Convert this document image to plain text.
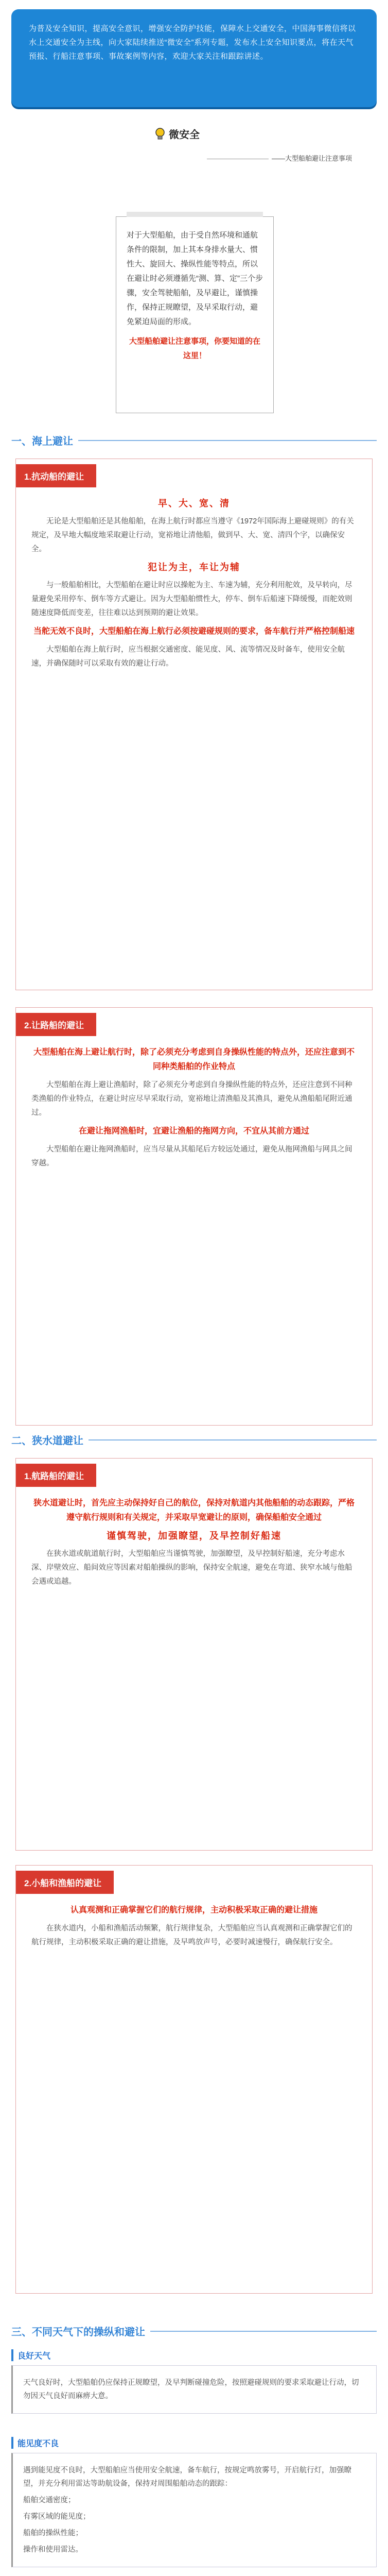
为普及安全知识，提高安全意识，增强安全防护技能，保障水上交通安全，中国海事微信将以水上交通安全为主线，向大家陆续推送“微安全”系列专题，发布水上安全知识要点，将在天气预报、行船注意事项、事故案例等内容，欢迎大家关注和跟踪讲述。

微安全
——大型船舶避让注意事项

对于大型船舶，由于受自然环境和通航条件的限制，加上其本身排水量大、惯性大、旋回大、操纵性能等特点，所以在避让时必须遵循先“测、算、定”三个步骤，安全驾驶船舶，及早避让，谨慎操作，保持正规瞭望，及早采取行动，避免紧迫局面的形成。

大型船舶避让注意事项，你要知道的在这里！

一、海上避让
1.抗动船的避让

早、大、宽、清

无论是大型船舶还是其他船舶，在海上航行时都应当遵守《1972年国际海上避碰规则》的有关规定，及早地大幅度地采取避让行动，宽裕地让清他船，做到早、大、宽、清四个字，以确保安全。

犯让为主，车让为辅

与一般船舶相比，大型船舶在避让时应以操舵为主、车速为辅，充分利用舵效，及早转向，尽量避免采用停车、倒车等方式避让。因为大型船舶惯性大，停车、倒车后船速下降缓慢，而舵效则随速度降低而变差，往往难以达到预期的避让效果。

当舵无效不良时，大型船舶在海上航行必须按避碰规则的要求，备车航行并严格控制船速

大型船舶在海上航行时，应当根据交通密度、能见度、风、流等情况及时备车，使用安全航速，并确保随时可以采取有效的避让行动。

2.让路船的避让

大型船舶在海上避让航行时，除了必须充分考虑到自身操纵性能的特点外，还应注意到不同种类船舶的作业特点

大型船舶在海上避让渔船时，除了必须充分考虑到自身操纵性能的特点外，还应注意到不同种类渔船的作业特点，在避让时应尽早采取行动，宽裕地让清渔船及其渔具，避免从渔船船尾附近通过。

在避让拖网渔船时，宜避让渔船的拖网方向，不宜从其前方通过

大型船舶在避让拖网渔船时，应当尽量从其船尾后方较远处通过，避免从拖网渔船与网具之间穿越。

二、狭水道避让
1.航路船的避让

狭水道避让时，首先应主动保持好自己的航位，保持对航道内其他船舶的动态跟踪，严格遵守航行规则和有关规定，并采取早宽避让的原则，确保船舶安全通过

谨慎驾驶，加强瞭望，及早控制好船速

在狭水道或航道航行时，大型船舶应当谨慎驾驶，加强瞭望，及早控制好船速，充分考虑水深、岸壁效应、船间效应等因素对船舶操纵的影响，保持安全航速，避免在弯道、狭窄水域与他船会遇或追越。

2.小船和渔船的避让

认真观测和正确掌握它们的航行规律，主动积极采取正确的避让措施

在狭水道内，小船和渔船活动频繁，航行规律复杂，大型船舶应当认真观测和正确掌握它们的航行规律，主动积极采取正确的避让措施，及早鸣放声号，必要时减速慢行，确保航行安全。

三、不同天气下的操纵和避让
良好天气

天气良好时，大型船舶仍应保持正规瞭望，及早判断碰撞危险，按照避碰规则的要求采取避让行动，切勿因天气良好而麻痹大意。

能见度不良

遇到能见度不良时，大型船舶应当使用安全航速，备车航行，按规定鸣放雾号，开启航行灯，加强瞭望，并充分利用雷达等助航设备，保持对周围船舶动态的跟踪：

船舶交通密度；

有雾区域的能见度；

船舶的操纵性能；

操作和使用雷达。
